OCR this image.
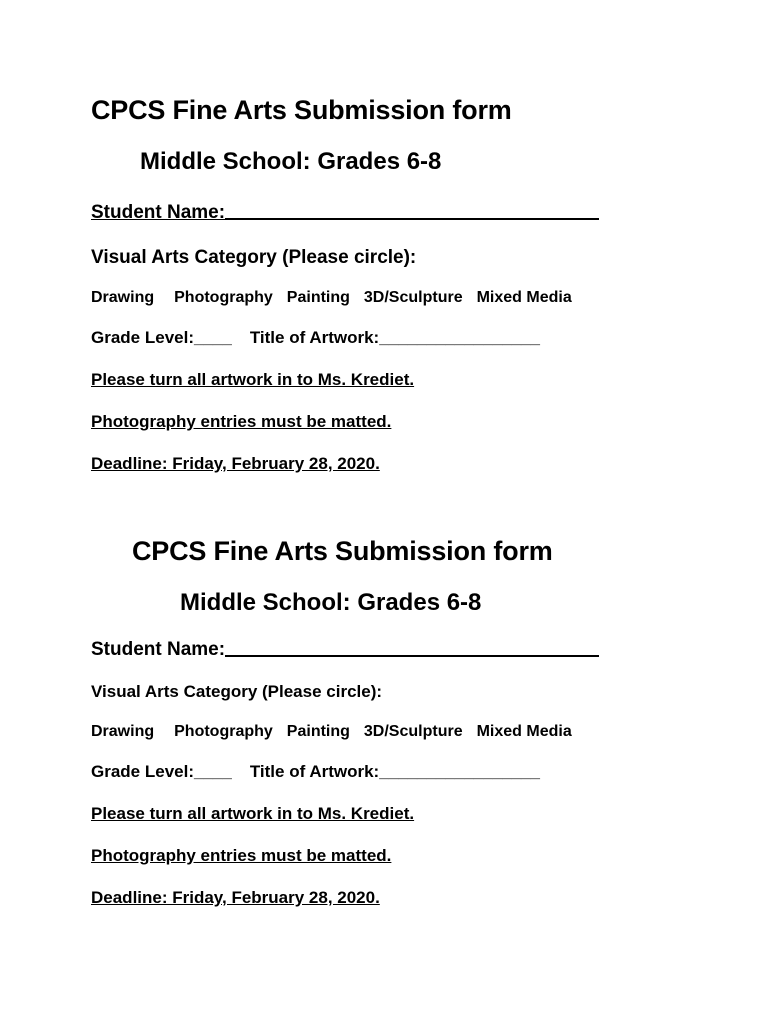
CPCS Fine Arts Submission form
Middle School: Grades 6-8
Student Name:
Visual Arts Category (Please circle):
Drawing Photography Painting 3D/Sculpture Mixed Media
Grade Level:____ Title of Artwork:_________________
Please turn all artwork in to Ms. Krediet.
Photography entries must be matted.
Deadline: Friday, February 28, 2020.
CPCS Fine Arts Submission form
Middle School: Grades 6-8
Student Name:
Visual Arts Category (Please circle):
Drawing Photography Painting 3D/Sculpture Mixed Media
Grade Level:____ Title of Artwork:_________________
Please turn all artwork in to Ms. Krediet.
Photography entries must be matted.
Deadline: Friday, February 28, 2020.
